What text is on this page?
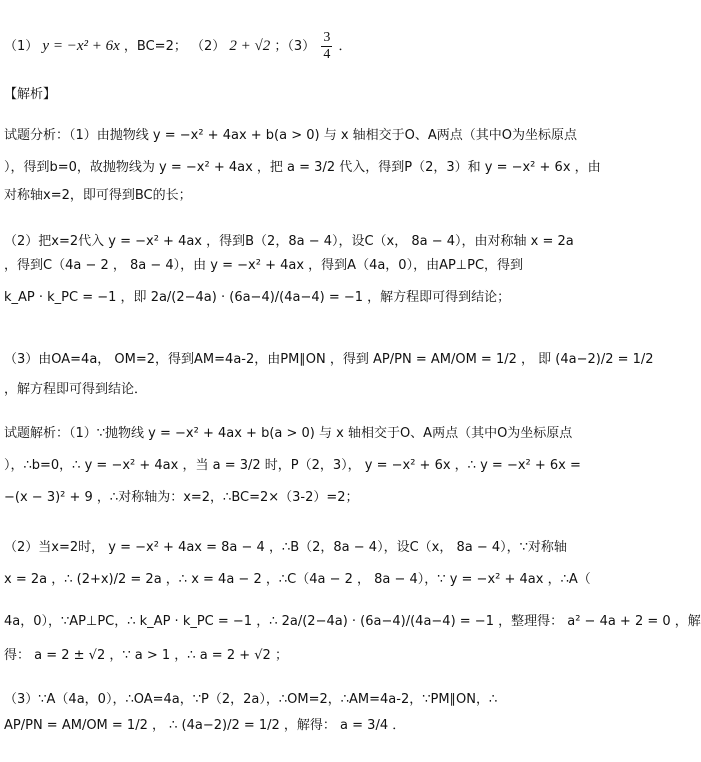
（1） y = −x² + 6x ，BC=2； （2） 2 + √2 ；$(3) \frac{3}{4}$ ．
【解析】
试题分析：（1）由抛物线 y = −x² + 4ax + b(a > 0) 与 x 轴相交于O、A两点（其中O为坐标原点
），得到b=0，故抛物线为 y = −x² + 4ax ，把 a = 3/2 代入，得到P（2，3）和 y = −x² + 6x ，由
对称轴x=2，即可得到BC的长；
（2）把x=2代入 y = −x² + 4ax ，得到B（2，8a − 4），设C（x， 8a − 4），由对称轴 x = 2a
，得到C（4a − 2 ， 8a − 4），由 y = −x² + 4ax ，得到A（4a，0），由AP⊥PC，得到
k_AP · k_PC = −1 ，即 2a/(2−4a) · (6a−4)/(4a−4) = −1 ，解方程即可得到结论；
（3）由OA=4a， OM=2，得到AM=4a-2，由PM∥ON ，得到 AP/PN = AM/OM = 1/2 ， 即 (4a−2)/2 = 1/2
，解方程即可得到结论．
试题解析：（1）∵抛物线 y = −x² + 4ax + b(a > 0) 与 x 轴相交于O、A两点（其中O为坐标原点
），∴b=0，∴ y = −x² + 4ax ，当 a = 3/2 时，P（2，3）， y = −x² + 6x ，∴ y = −x² + 6x =
−(x − 3)² + 9 ，∴对称轴为：x=2，∴BC=2×（3-2）=2；
（2）当x=2时， y = −x² + 4ax = 8a − 4 ，∴B（2，8a − 4），设C（x， 8a − 4），∵对称轴
x = 2a ，∴ (2+x)/2 = 2a ，∴ x = 4a − 2 ，∴C（4a − 2 ， 8a − 4），∵ y = −x² + 4ax ，∴A（
4a，0），∵AP⊥PC，∴ k_AP · k_PC = −1 ，∴ 2a/(2−4a) · (6a−4)/(4a−4) = −1 ，整理得： a² − 4a + 2 = 0 ，解
得： a = 2 ± √2 ，∵ a > 1 ，∴ a = 2 + √2 ；
（3）∵A（4a，0），∴OA=4a，∵P（2，2a），∴OM=2，∴AM=4a-2，∵PM∥ON，∴
AP/PN = AM/OM = 1/2 ， ∴ (4a−2)/2 = 1/2 ，解得： a = 3/4 ．
